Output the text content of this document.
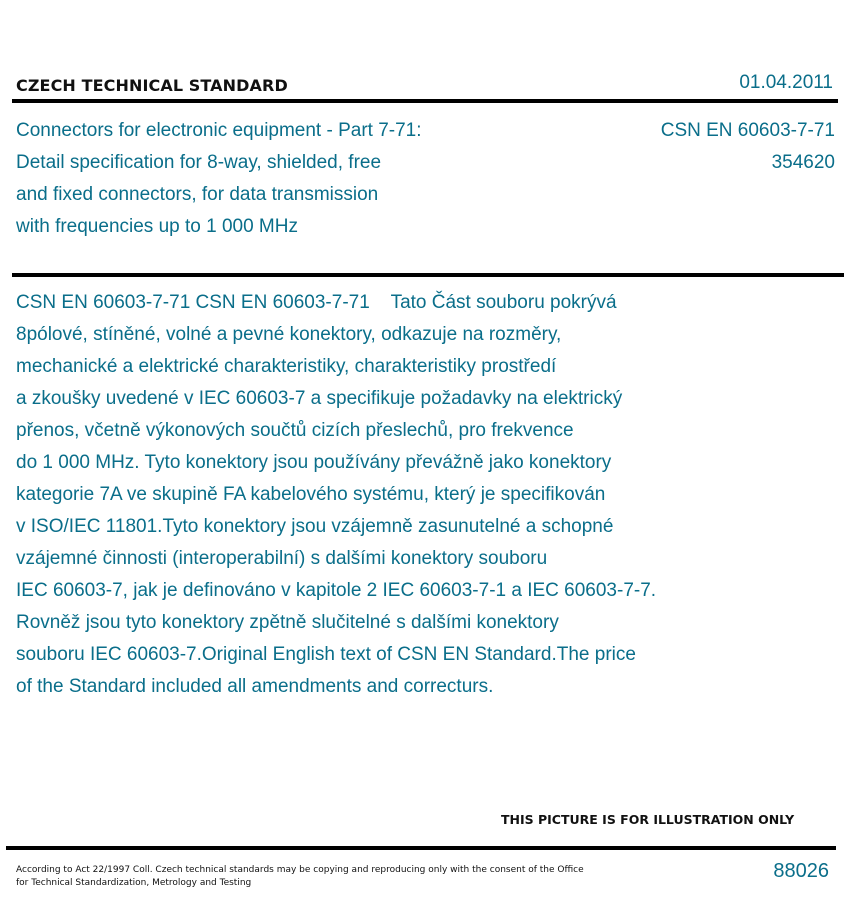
CZECH TECHNICAL STANDARD	01.04.2011
Connectors for electronic equipment - Part 7-71:
Detail specification for 8-way, shielded, free
and fixed connectors, for data transmission
with frequencies up to 1 000 MHz
CSN EN 60603-7-71
354620
CSN EN 60603-7-71 CSN EN 60603-7-71    Tato Část souboru pokrývá
8pólové, stíněné, volné a pevné konektory, odkazuje na rozměry,
mechanické a elektrické charakteristiky, charakteristiky prostředí
a zkoušky uvedené v IEC 60603-7 a specifikuje požadavky na elektrický
přenos, včetně výkonových součtů cizích přeslechů, pro frekvence
do 1 000 MHz. Tyto konektory jsou používány převážně jako konektory
kategorie 7A ve skupině FA kabelového systému, který je specifikován
v ISO/IEC 11801.Tyto konektory jsou vzájemně zasunutelné a schopné
vzájemné činnosti (interoperabilní) s dalšími konektory souboru
IEC 60603-7, jak je definováno v kapitole 2 IEC 60603-7-1 a IEC 60603-7-7.
Rovněž jsou tyto konektory zpětně slučitelné s dalšími konektory
souboru IEC 60603-7.Original English text of CSN EN Standard.The price
of the Standard included all amendments and correcturs.
THIS PICTURE IS FOR ILLUSTRATION ONLY
According to Act 22/1997 Coll. Czech technical standards may be copying and reproducing only with the consent of the Office
for Technical Standardization, Metrology and Testing
88026
